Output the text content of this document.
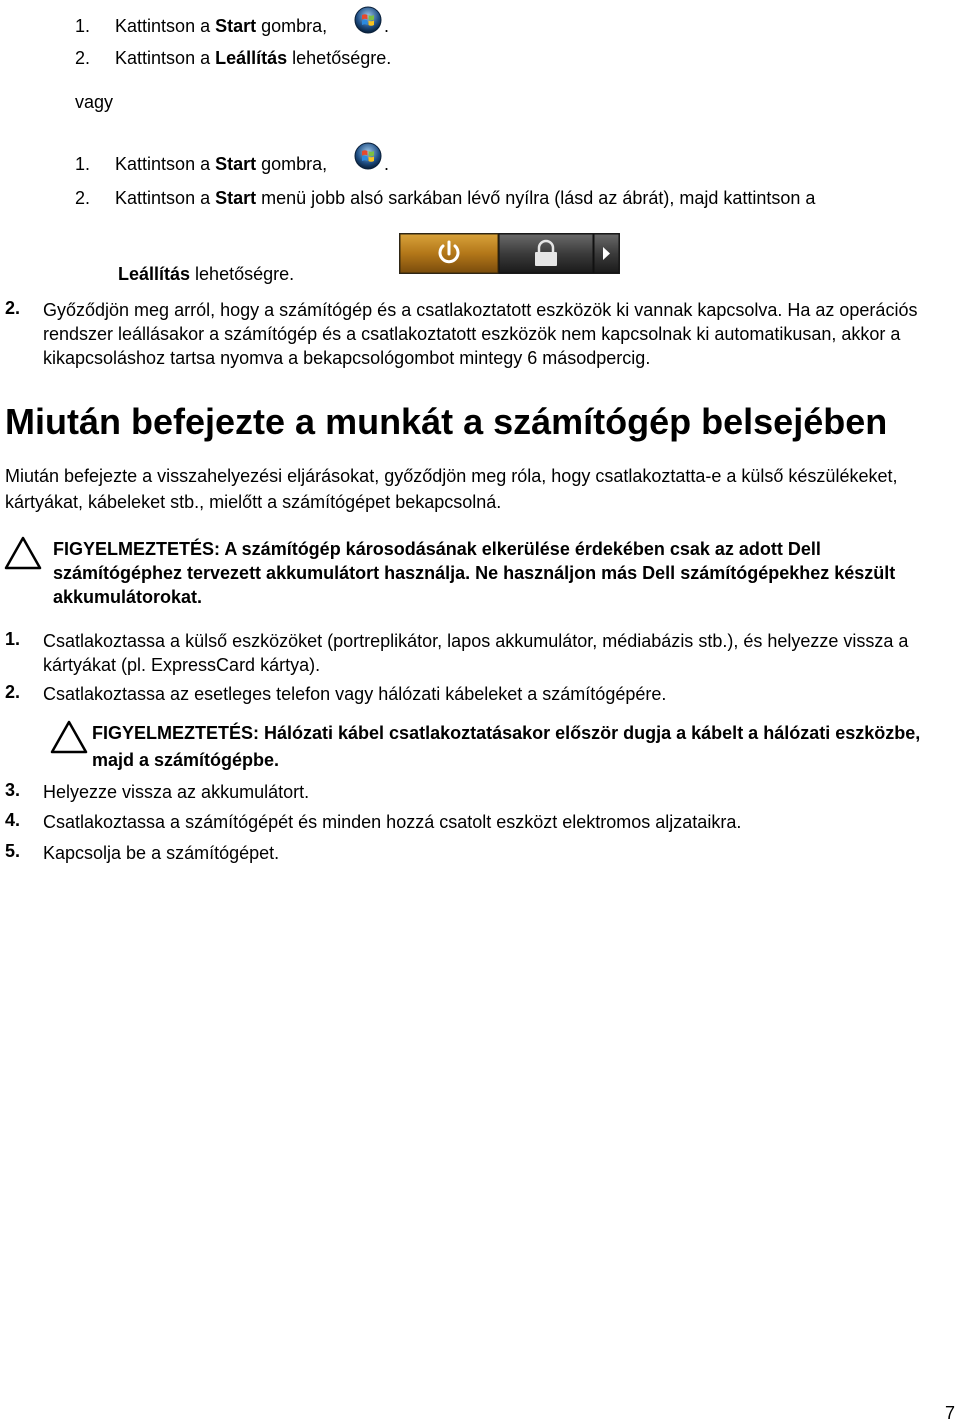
1. Kattintson a Start gombra,	.
2. Kattintson a Leállítás lehetőségre.
vagy
1. Kattintson a Start gombra,	.
2. Kattintson a Start menü jobb alsó sarkában lévő nyílra (lásd az ábrát), majd kattintson a
Leállítás lehetőségre.
2. Győződjön meg arról, hogy a számítógép és a csatlakoztatott eszközök ki vannak kapcsolva. Ha az operációs rendszer leállásakor a számítógép és a csatlakoztatott eszközök nem kapcsolnak ki automatikusan, akkor a kikapcsoláshoz tartsa nyomva a bekapcsológombot mintegy 6 másodpercig.
Miután befejezte a munkát a számítógép belsejében
Miután befejezte a visszahelyezési eljárásokat, győződjön meg róla, hogy csatlakoztatta-e a külső készülékeket, kártyákat, kábeleket stb., mielőtt a számítógépet bekapcsolná.
FIGYELMEZTETÉS: A számítógép károsodásának elkerülése érdekében csak az adott Dell számítógéphez tervezett akkumulátort használja. Ne használjon más Dell számítógépekhez készült akkumulátorokat.
1. Csatlakoztassa a külső eszközöket (portreplikátor, lapos akkumulátor, médiabázis stb.), és helyezze vissza a kártyákat (pl. ExpressCard kártya).
2. Csatlakoztassa az esetleges telefon vagy hálózati kábeleket a számítógépére.
FIGYELMEZTETÉS: Hálózati kábel csatlakoztatásakor először dugja a kábelt a hálózati eszközbe, majd a számítógépbe.
3. Helyezze vissza az akkumulátort.
4. Csatlakoztassa a számítógépét és minden hozzá csatolt eszközt elektromos aljzataikra.
5. Kapcsolja be a számítógépet.
7
